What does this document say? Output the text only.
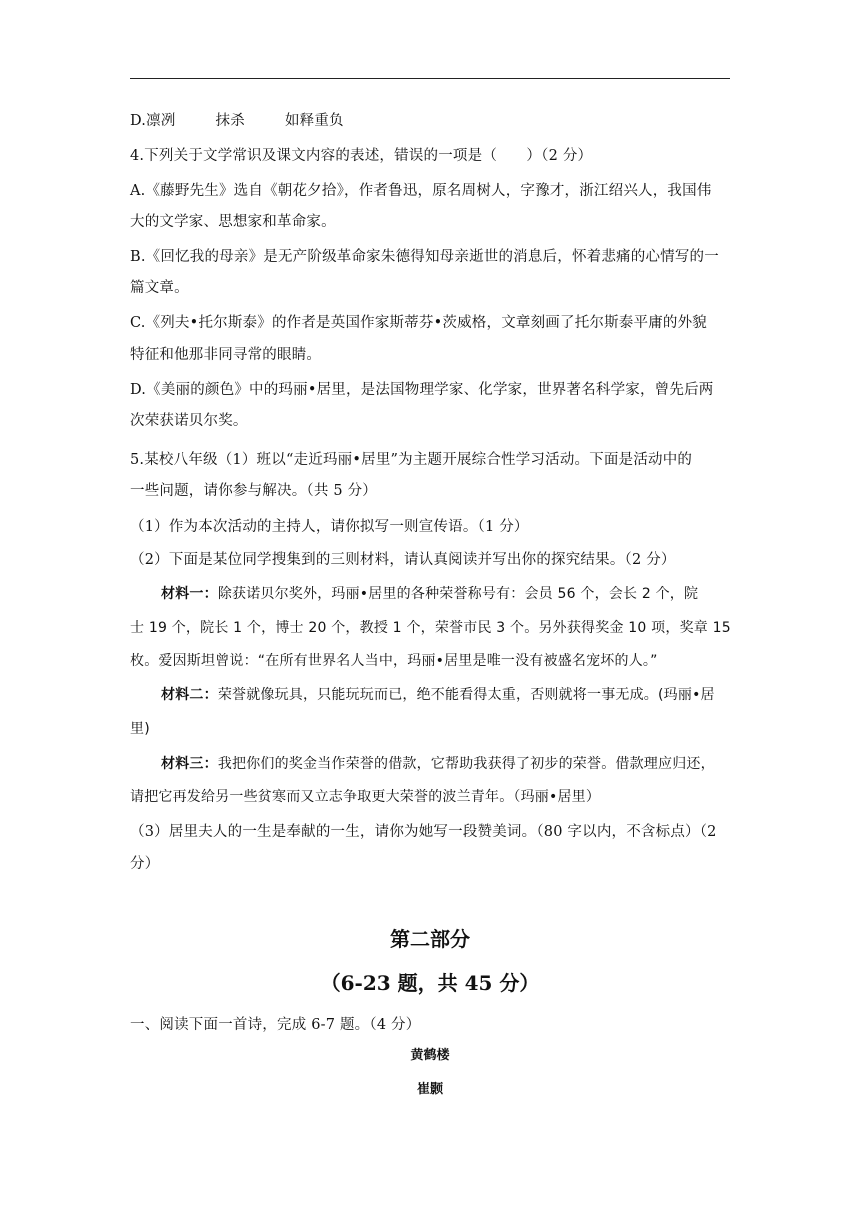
D.凛冽	抹杀	如释重负
4.下列关于文学常识及课文内容的表述，错误的一项是（　　）（2 分）
A.《藤野先生》选自《朝花夕拾》，作者鲁迅，原名周树人，字豫才，浙江绍兴人，我国伟
大的文学家、思想家和革命家。
B.《回忆我的母亲》是无产阶级革命家朱德得知母亲逝世的消息后，怀着悲痛的心情写的一
篇文章。
C.《列夫•托尔斯泰》的作者是英国作家斯蒂芬•茨威格，文章刻画了托尔斯泰平庸的外貌
特征和他那非同寻常的眼睛。
D.《美丽的颜色》中的玛丽•居里，是法国物理学家、化学家，世界著名科学家，曾先后两
次荣获诺贝尔奖。
5.某校八年级（1）班以“走近玛丽•居里”为主题开展综合性学习活动。下面是活动中的
一些问题，请你参与解决。（共 5 分）
（1）作为本次活动的主持人，请你拟写一则宣传语。（1 分）
（2）下面是某位同学搜集到的三则材料，请认真阅读并写出你的探究结果。（2 分）
材料一：除获诺贝尔奖外，玛丽•居里的各种荣誉称号有：会员 56 个，会长 2 个，院
士 19 个，院长 1 个，博士 20 个，教授 1 个，荣誉市民 3 个。另外获得奖金 10 项，奖章 15
枚。爱因斯坦曾说：“在所有世界名人当中，玛丽•居里是唯一没有被盛名宠坏的人。”
材料二：荣誉就像玩具，只能玩玩而已，绝不能看得太重，否则就将一事无成。(玛丽•居
里)
材料三：我把你们的奖金当作荣誉的借款，它帮助我获得了初步的荣誉。借款理应归还，
请把它再发给另一些贫寒而又立志争取更大荣誉的波兰青年。（玛丽•居里）
（3）居里夫人的一生是奉献的一生，请你为她写一段赞美词。（80 字以内，不含标点）（2
分）
第二部分
（6-23 题，共 45 分）
一、阅读下面一首诗，完成 6-7 题。（4 分）
黄鹤楼
崔颢
